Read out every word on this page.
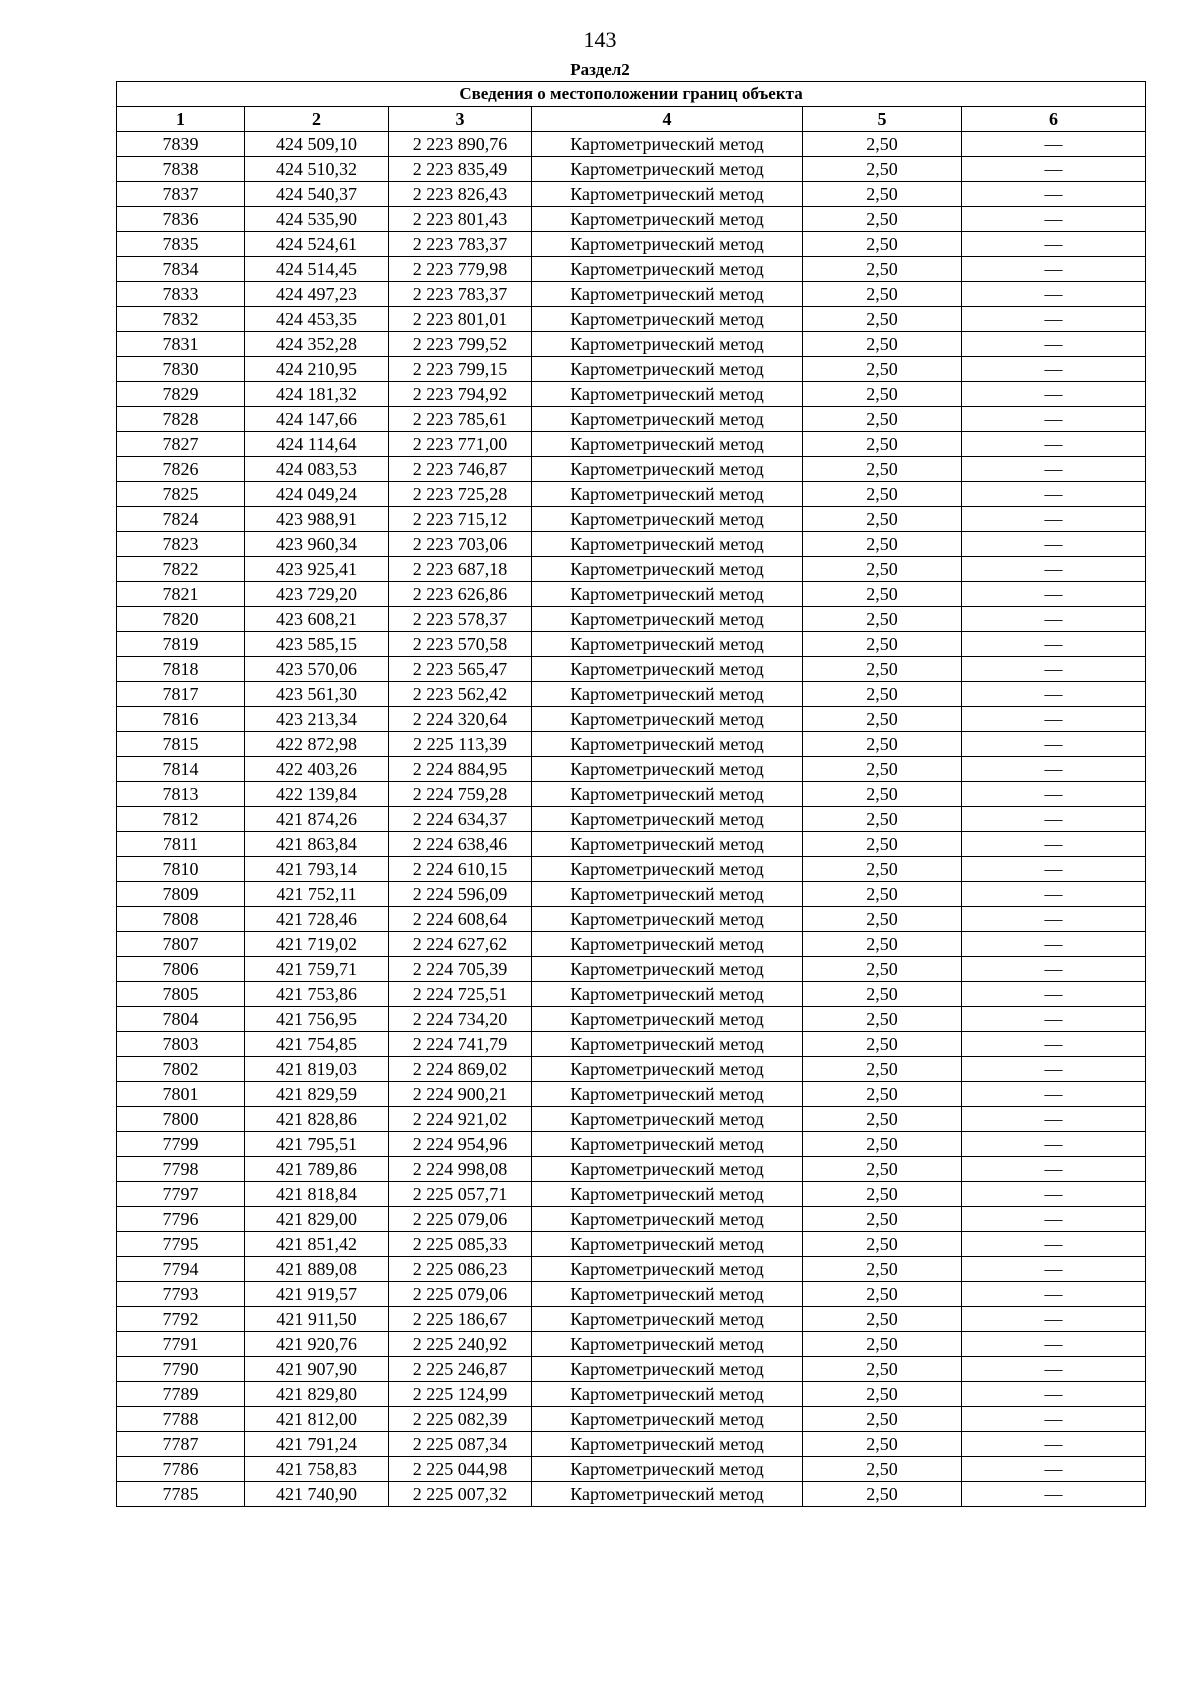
143
Раздел2
Сведения о местоположении границ объекта					
1	2	3	4	5	6
7839	424 509,10	2 223 890,76	Картометрический метод	2,50	—
7838	424 510,32	2 223 835,49	Картометрический метод	2,50	—
7837	424 540,37	2 223 826,43	Картометрический метод	2,50	—
7836	424 535,90	2 223 801,43	Картометрический метод	2,50	—
7835	424 524,61	2 223 783,37	Картометрический метод	2,50	—
7834	424 514,45	2 223 779,98	Картометрический метод	2,50	—
7833	424 497,23	2 223 783,37	Картометрический метод	2,50	—
7832	424 453,35	2 223 801,01	Картометрический метод	2,50	—
7831	424 352,28	2 223 799,52	Картометрический метод	2,50	—
7830	424 210,95	2 223 799,15	Картометрический метод	2,50	—
7829	424 181,32	2 223 794,92	Картометрический метод	2,50	—
7828	424 147,66	2 223 785,61	Картометрический метод	2,50	—
7827	424 114,64	2 223 771,00	Картометрический метод	2,50	—
7826	424 083,53	2 223 746,87	Картометрический метод	2,50	—
7825	424 049,24	2 223 725,28	Картометрический метод	2,50	—
7824	423 988,91	2 223 715,12	Картометрический метод	2,50	—
7823	423 960,34	2 223 703,06	Картометрический метод	2,50	—
7822	423 925,41	2 223 687,18	Картометрический метод	2,50	—
7821	423 729,20	2 223 626,86	Картометрический метод	2,50	—
7820	423 608,21	2 223 578,37	Картометрический метод	2,50	—
7819	423 585,15	2 223 570,58	Картометрический метод	2,50	—
7818	423 570,06	2 223 565,47	Картометрический метод	2,50	—
7817	423 561,30	2 223 562,42	Картометрический метод	2,50	—
7816	423 213,34	2 224 320,64	Картометрический метод	2,50	—
7815	422 872,98	2 225 113,39	Картометрический метод	2,50	—
7814	422 403,26	2 224 884,95	Картометрический метод	2,50	—
7813	422 139,84	2 224 759,28	Картометрический метод	2,50	—
7812	421 874,26	2 224 634,37	Картометрический метод	2,50	—
7811	421 863,84	2 224 638,46	Картометрический метод	2,50	—
7810	421 793,14	2 224 610,15	Картометрический метод	2,50	—
7809	421 752,11	2 224 596,09	Картометрический метод	2,50	—
7808	421 728,46	2 224 608,64	Картометрический метод	2,50	—
7807	421 719,02	2 224 627,62	Картометрический метод	2,50	—
7806	421 759,71	2 224 705,39	Картометрический метод	2,50	—
7805	421 753,86	2 224 725,51	Картометрический метод	2,50	—
7804	421 756,95	2 224 734,20	Картометрический метод	2,50	—
7803	421 754,85	2 224 741,79	Картометрический метод	2,50	—
7802	421 819,03	2 224 869,02	Картометрический метод	2,50	—
7801	421 829,59	2 224 900,21	Картометрический метод	2,50	—
7800	421 828,86	2 224 921,02	Картометрический метод	2,50	—
7799	421 795,51	2 224 954,96	Картометрический метод	2,50	—
7798	421 789,86	2 224 998,08	Картометрический метод	2,50	—
7797	421 818,84	2 225 057,71	Картометрический метод	2,50	—
7796	421 829,00	2 225 079,06	Картометрический метод	2,50	—
7795	421 851,42	2 225 085,33	Картометрический метод	2,50	—
7794	421 889,08	2 225 086,23	Картометрический метод	2,50	—
7793	421 919,57	2 225 079,06	Картометрический метод	2,50	—
7792	421 911,50	2 225 186,67	Картометрический метод	2,50	—
7791	421 920,76	2 225 240,92	Картометрический метод	2,50	—
7790	421 907,90	2 225 246,87	Картометрический метод	2,50	—
7789	421 829,80	2 225 124,99	Картометрический метод	2,50	—
7788	421 812,00	2 225 082,39	Картометрический метод	2,50	—
7787	421 791,24	2 225 087,34	Картометрический метод	2,50	—
7786	421 758,83	2 225 044,98	Картометрический метод	2,50	—
7785	421 740,90	2 225 007,32	Картометрический метод	2,50	—
